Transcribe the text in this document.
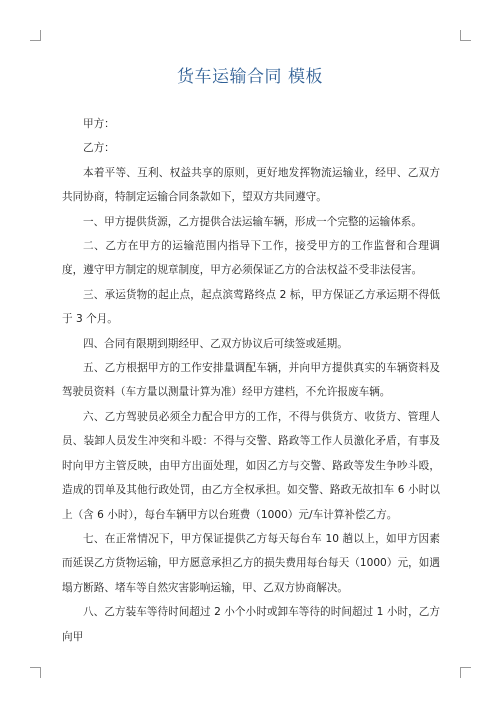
货车运输合同 模板

甲方：

乙方：

本着平等、互利、权益共享的原则，更好地发挥物流运输业，经甲、乙双方共同协商，特制定运输合同条款如下，望双方共同遵守。

一、甲方提供货源，乙方提供合法运输车辆，形成一个完整的运输体系。

二、乙方在甲方的运输范围内指导下工作，接受甲方的工作监督和合理调度，遵守甲方制定的规章制度，甲方必须保证乙方的合法权益不受非法侵害。

三、承运货物的起止点，起点滨莺路终点 2 标，甲方保证乙方承运期不得低于 3 个月。

四、合同有限期到期经甲、乙双方协议后可续签或延期。

五、乙方根据甲方的工作安排量调配车辆，并向甲方提供真实的车辆资料及驾驶员资料（车方量以测量计算为准）经甲方建档，不允许报废车辆。

六、乙方驾驶员必须全力配合甲方的工作，不得与供货方、收货方、管理人员、装卸人员发生冲突和斗殴：不得与交警、路政等工作人员激化矛盾，有事及时向甲方主管反映，由甲方出面处理，如因乙方与交警、路政等发生争吵斗殴，造成的罚单及其他行政处罚，由乙方全权承担。如交警、路政无故扣车 6 小时以上（含 6 小时），每台车辆甲方以台班费（1000）元/车计算补偿乙方。

七、在正常情况下，甲方保证提供乙方每天每台车 10 趟以上，如甲方因素而延误乙方货物运输，甲方愿意承担乙方的损失费用每台每天（1000）元，如遇塌方断路、堵车等自然灾害影响运输，甲、乙双方协商解决。

八、乙方装车等待时间超过 2 小个小时或卸车等待的时间超过 1 小时，乙方向甲
